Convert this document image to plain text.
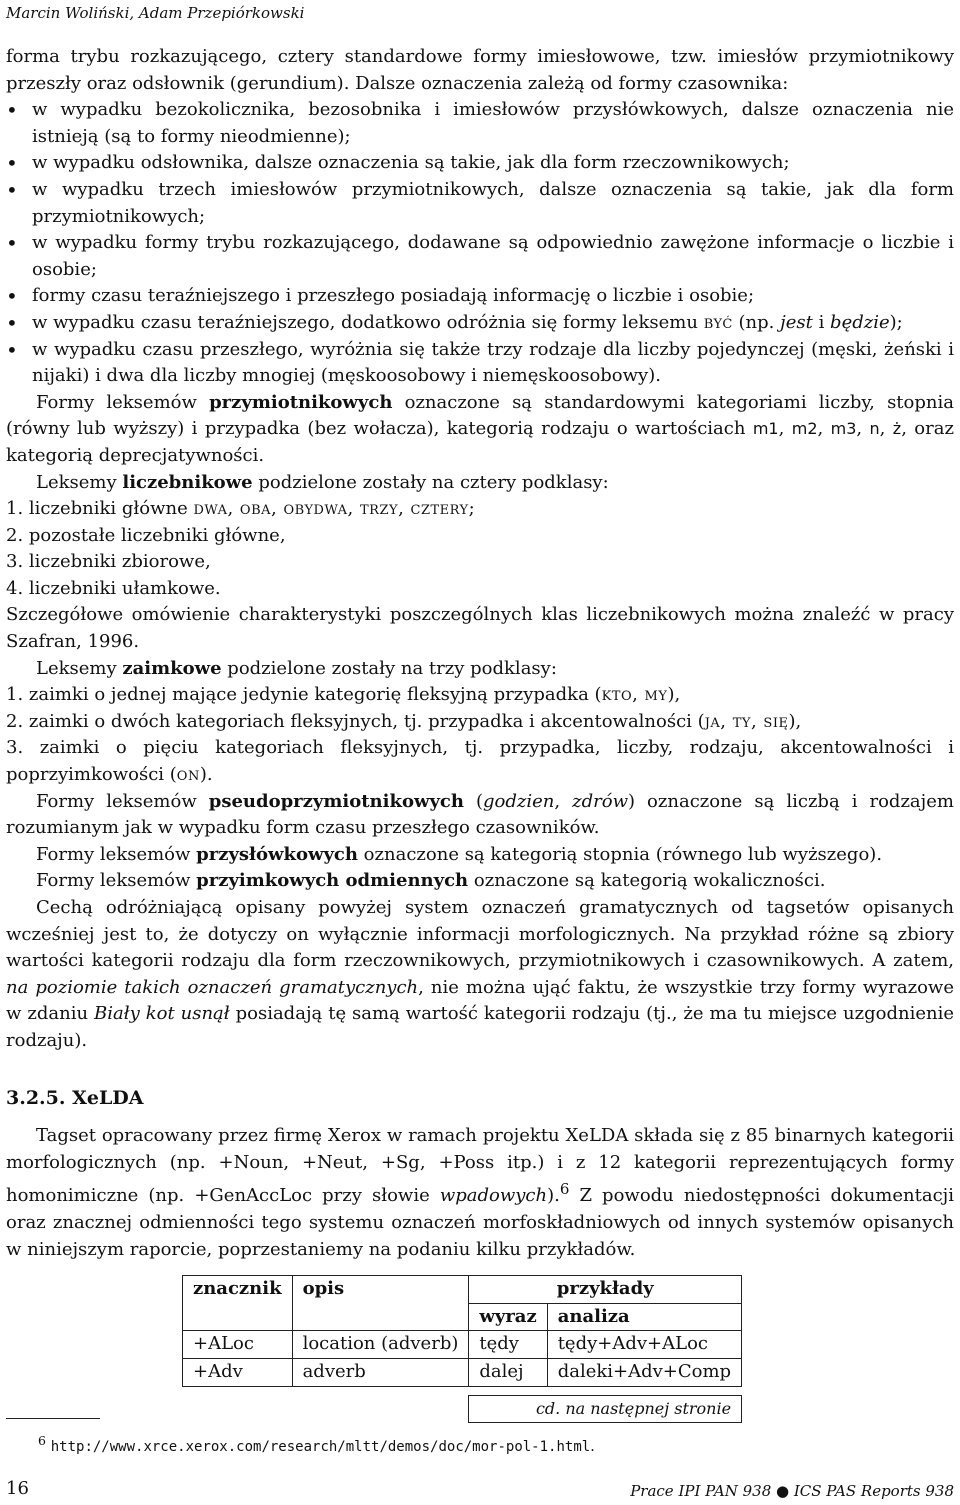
Marcin Woliński, Adam Przepiórkowski

forma trybu rozkazującego, cztery standardowe formy imiesłowowe, tzw. imiesłów przymiotnikowy przeszły oraz odsłownik (gerundium). Dalsze oznaczenia zależą od formy czasownika:

• w wypadku bezokolicznika, bezosobnika i imiesłowów przysłówkowych, dalsze oznaczenia nie istnieją (są to formy nieodmienne);
• w wypadku odsłownika, dalsze oznaczenia są takie, jak dla form rzeczownikowych;
• w wypadku trzech imiesłowów przymiotnikowych, dalsze oznaczenia są takie, jak dla form przymiotnikowych;
• w wypadku formy trybu rozkazującego, dodawane są odpowiednio zawężone informacje o liczbie i osobie;
• formy czasu teraźniejszego i przeszłego posiadają informację o liczbie i osobie;
• w wypadku czasu teraźniejszego, dodatkowo odróżnia się formy leksemu być (np. jest i będzie);
• w wypadku czasu przeszłego, wyróżnia się także trzy rodzaje dla liczby pojedynczej (męski, żeński i nijaki) i dwa dla liczby mnogiej (męskoosobowy i niemęskoosobowy).

Formy leksemów przymiotnikowych oznaczone są standardowymi kategoriami liczby, stopnia (równy lub wyższy) i przypadka (bez wołacza), kategorią rodzaju o wartościach m1, m2, m3, n, ż, oraz kategorią deprecjatywności.

Leksemy liczebnikowe podzielone zostały na cztery podklasy:

1. liczebniki główne dwa, oba, obydwa, trzy, cztery;
2. pozostałe liczebniki główne,
3. liczebniki zbiorowe,
4. liczebniki ułamkowe.

Szczegółowe omówienie charakterystyki poszczególnych klas liczebnikowych można znaleźć w pracy Szafran, 1996.

Leksemy zaimkowe podzielone zostały na trzy podklasy:

1. zaimki o jednej mające jedynie kategorię fleksyjną przypadka (kto, my),
2. zaimki o dwóch kategoriach fleksyjnych, tj. przypadka i akcentowalności (ja, ty, się),
3. zaimki o pięciu kategoriach fleksyjnych, tj. przypadka, liczby, rodzaju, akcentowalności i poprzyimkowości (on).

Formy leksemów pseudoprzymiotnikowych (godzien, zdrów) oznaczone są liczbą i rodzajem rozumianym jak w wypadku form czasu przeszłego czasowników.

Formy leksemów przysłówkowych oznaczone są kategorią stopnia (równego lub wyższego).

Formy leksemów przyimkowych odmiennych oznaczone są kategorią wokaliczności.

Cechą odróżniającą opisany powyżej system oznaczeń gramatycznych od tagsetów opisanych wcześniej jest to, że dotyczy on wyłącznie informacji morfologicznych. Na przykład różne są zbiory wartości kategorii rodzaju dla form rzeczownikowych, przymiotnikowych i czasownikowych. A zatem, na poziomie takich oznaczeń gramatycznych, nie można ująć faktu, że wszystkie trzy formy wyrazowe w zdaniu Biały kot usnął posiadają tę samą wartość kategorii rodzaju (tj., że ma tu miejsce uzgodnienie rodzaju).

3.2.5. XeLDA

Tagset opracowany przez firmę Xerox w ramach projektu XeLDA składa się z 85 binarnych kategorii morfologicznych (np. +Noun, +Neut, +Sg, +Poss itp.) i z 12 kategorii reprezentujących formy homonimiczne (np. +GenAccLoc przy słowie wpadowych).$^6$ Z powodu niedostępności dokumentacji oraz znacznej odmienności tego systemu oznaczeń morfoskładniowych od innych systemów opisanych w niniejszym raporcie, poprzestaniemy na podaniu kilku przykładów.

znacznik	opis	przykłady	
		wyraz	analiza
+ALoc	location (adverb)	tędy	tędy+Adv+ALoc
+Adv	adverb	dalej	daleki+Adv+Comp

		cd. na następnej stronie	
$^6$ http://www.xrce.xerox.com/research/mltt/demos/doc/mor-pol-1.html.
16	Prace IPI PAN 938 ● ICS PAS Reports 938
